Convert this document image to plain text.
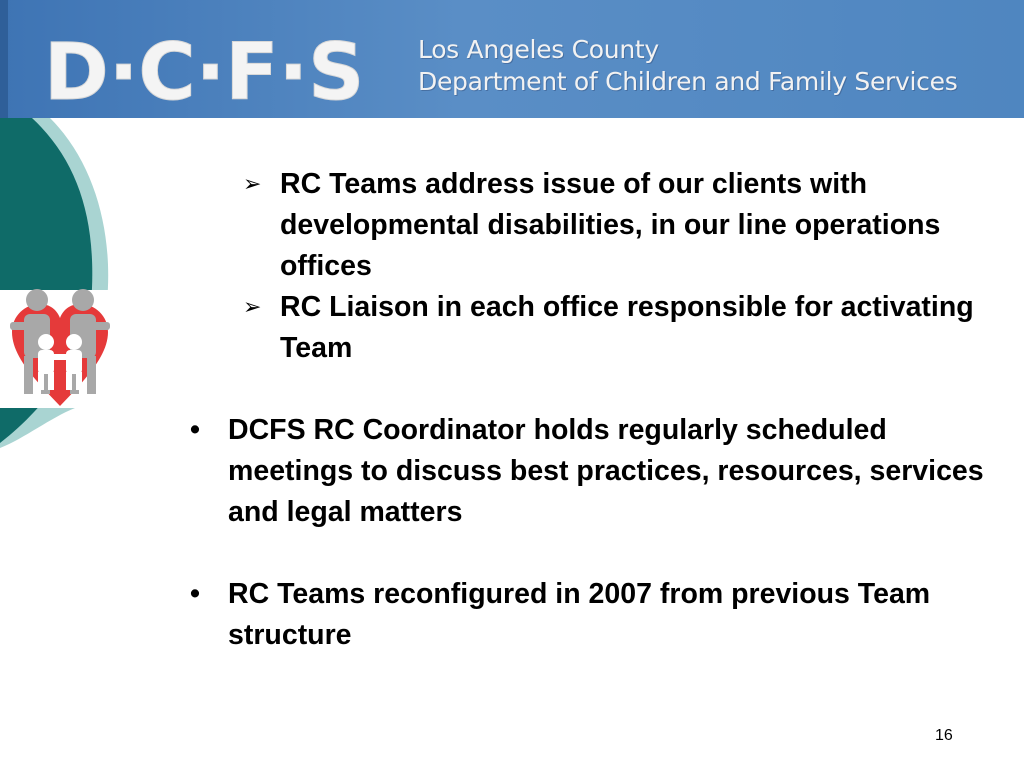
D·C·F·S Los Angeles County
Department of Children and Family Services
➢ RC Teams address issue of our clients with developmental disabilities, in our line operations offices
➢ RC Liaison in each office responsible for activating Team
• DCFS RC Coordinator holds regularly scheduled meetings to discuss best practices, resources, services and legal matters
• RC Teams reconfigured in 2007 from previous Team structure
16
